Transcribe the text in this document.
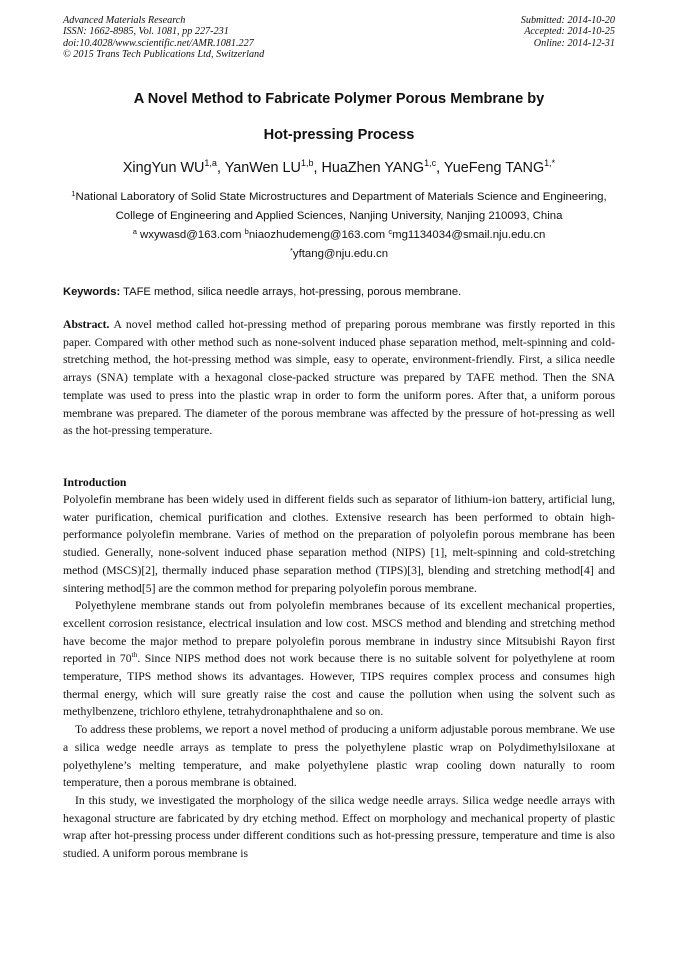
Advanced Materials Research
ISSN: 1662-8985, Vol. 1081, pp 227-231
doi:10.4028/www.scientific.net/AMR.1081.227
© 2015 Trans Tech Publications Ltd, Switzerland
Submitted: 2014-10-20
Accepted: 2014-10-25
Online: 2014-12-31
A Novel Method to Fabricate Polymer Porous Membrane by
Hot-pressing Process
XingYun WU$^{1,a}$, YanWen LU$^{1,b}$, HuaZhen YANG$^{1,c}$, YueFeng $TANG^{1,*}$
$^1$National Laboratory of Solid State Microstructures and Department of Materials Science and Engineering, College of Engineering and Applied Sciences, Nanjing University, Nanjing 210093, China
$^a$ wxywasd@163.com $^b$niaozhudemeng@163.com $^c$mg1134034@smail.nju.edu.cn
*yftang@nju.edu.cn
Keywords: TAFE method, silica needle arrays, hot-pressing, porous membrane.

Abstract. A novel method called hot-pressing method of preparing porous membrane was firstly reported in this paper. Compared with other method such as none-solvent induced phase separation method, melt-spinning and cold-stretching method, the hot-pressing method was simple, easy to operate, environment-friendly. First, a silica needle arrays (SNA) template with a hexagonal close-packed structure was prepared by TAFE method. Then the SNA template was used to press into the plastic wrap in order to form the uniform pores. After that, a uniform porous membrane was prepared. The diameter of the porous membrane was affected by the pressure of hot-pressing as well as the hot-pressing temperature.

Introduction

Polyolefin membrane has been widely used in different fields such as separator of lithium-ion battery, artificial lung, water purification, chemical purification and clothes. Extensive research has been performed to obtain high-performance polyolefin membrane. Varies of method on the preparation of polyolefin porous membrane has been studied. Generally, none-solvent induced phase separation method (NIPS) [1], melt-spinning and cold-stretching method (MSCS)[2], thermally induced phase separation method (TIPS)[3], blending and stretching method[4] and sintering method[5] are the common method for preparing polyolefin porous membrane.

Polyethylene membrane stands out from polyolefin membranes because of its excellent mechanical properties, excellent corrosion resistance, electrical insulation and low cost. MSCS method and blending and stretching method have become the major method to prepare polyolefin porous membrane in industry since Mitsubishi Rayon first reported in 70th. Since NIPS method does not work because there is no suitable solvent for polyethylene at room temperature, TIPS method shows its advantages. However, TIPS requires complex process and consumes high thermal energy, which will sure greatly raise the cost and cause the pollution when using the solvent such as methylbenzene, trichloro ethylene, tetrahydronaphthalene and so on.

To address these problems, we report a novel method of producing a uniform adjustable porous membrane. We use a silica wedge needle arrays as template to press the polyethylene plastic wrap on Polydimethylsiloxane at polyethylene’s melting temperature, and make polyethylene plastic wrap cooling down naturally to room temperature, then a porous membrane is obtained.

In this study, we investigated the morphology of the silica wedge needle arrays. Silica wedge needle arrays with hexagonal structure are fabricated by dry etching method. Effect on morphology and mechanical property of plastic wrap after hot-pressing process under different conditions such as hot-pressing pressure, temperature and time is also studied. A uniform porous membrane is
